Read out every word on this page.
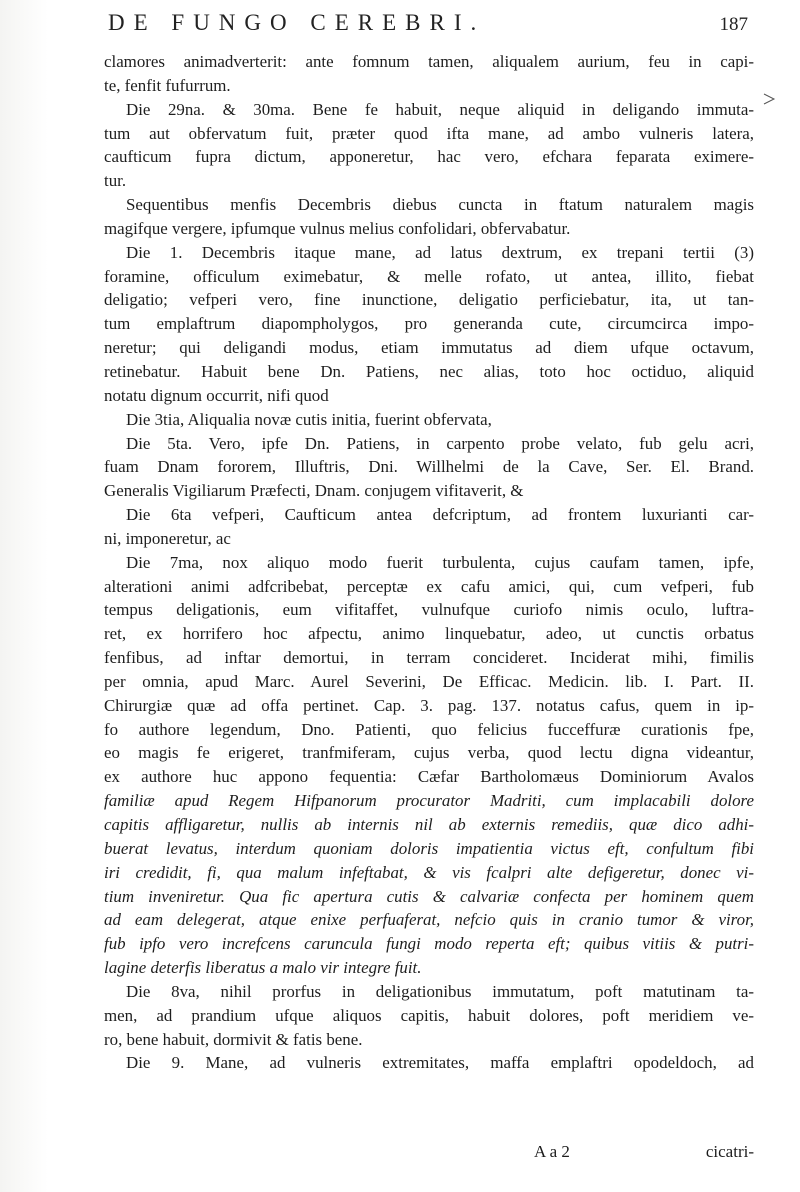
DE FUNGO CEREBRI.	187

clamores animadverterit: ante fomnum tamen, aliqualem aurium, feu in capi-
te, fenfit fufurrum.

Die 29na. & 30ma. Bene fe habuit, neque aliquid in deligando immuta-

tum aut obfervatum fuit, præter quod ifta mane, ad ambo vulneris latera,
caufticum fupra dictum, apponeretur, hac vero, efchara feparata eximere-
tur.

Sequentibus menfis Decembris diebus cuncta in ftatum naturalem magis

magifque vergere, ipfumque vulnus melius confolidari, obfervabatur.

Die 1. Decembris itaque mane, ad latus dextrum, ex trepani tertii (3)

foramine, officulum eximebatur, & melle rofato, ut antea, illito, fiebat
deligatio; vefperi vero, fine inunctione, deligatio perficiebatur, ita, ut tan-
tum emplaftrum diapompholygos, pro generanda cute, circumcirca impo-
neretur; qui deligandi modus, etiam immutatus ad diem ufque octavum,
retinebatur. Habuit bene Dn. Patiens, nec alias, toto hoc octiduo, aliquid
notatu dignum occurrit, nifi quod

Die 3tia, Aliqualia novæ cutis initia, fuerint obfervata,

Die 5ta. Vero, ipfe Dn. Patiens, in carpento probe velato, fub gelu acri,

fuam Dnam fororem, Illuftris, Dni. Willhelmi de la Cave, Ser. El. Brand.
Generalis Vigiliarum Præfecti, Dnam. conjugem vifitaverit, &

Die 6ta vefperi, Caufticum antea defcriptum, ad frontem luxurianti car-

ni, imponeretur, ac

Die 7ma, nox aliquo modo fuerit turbulenta, cujus caufam tamen, ipfe,

alterationi animi adfcribebat, perceptæ ex cafu amici, qui, cum vefperi, fub
tempus deligationis, eum vifitaffet, vulnufque curiofo nimis oculo, luftra-
ret, ex horrifero hoc afpectu, animo linquebatur, adeo, ut cunctis orbatus
fenfibus, ad inftar demortui, in terram concideret. Inciderat mihi, fimilis
per omnia, apud Marc. Aurel Severini, De Efficac. Medicin. lib. I. Part. II.
Chirurgiæ quæ ad offa pertinet. Cap. 3. pag. 137. notatus cafus, quem in ip-
fo authore legendum, Dno. Patienti, quo felicius fucceffuræ curationis fpe,
eo magis fe erigeret, tranfmiferam, cujus verba, quod lectu digna videantur,
ex authore huc appono fequentia: Cæfar Bartholomæus Dominiorum Avalos

familiæ apud Regem Hifpanorum procurator Madriti, cum implacabili dolore
capitis affligaretur, nullis ab internis nil ab externis remediis, quæ dico adhi-
buerat levatus, interdum quoniam doloris impatientia victus eft, confultum fibi
iri credidit, fi, qua malum infeftabat, & vis fcalpri alte defigeretur, donec vi-
tium inveniretur. Qua fic apertura cutis & calvariæ confecta per hominem quem
ad eam delegerat, atque enixe perfuaferat, nefcio quis in cranio tumor & viror,
fub ipfo vero increfcens caruncula fungi modo reperta eft; quibus vitiis & putri-
lagine deterfis liberatus a malo vir integre fuit.

Die 8va, nihil prorfus in deligationibus immutatum, poft matutinam ta-

men, ad prandium ufque aliquos capitis, habuit dolores, poft meridiem ve-
ro, bene habuit, dormivit & fatis bene.

Die 9. Mane, ad vulneris extremitates, maffa emplaftri opodeldoch, ad

A a 2	cicatri-
